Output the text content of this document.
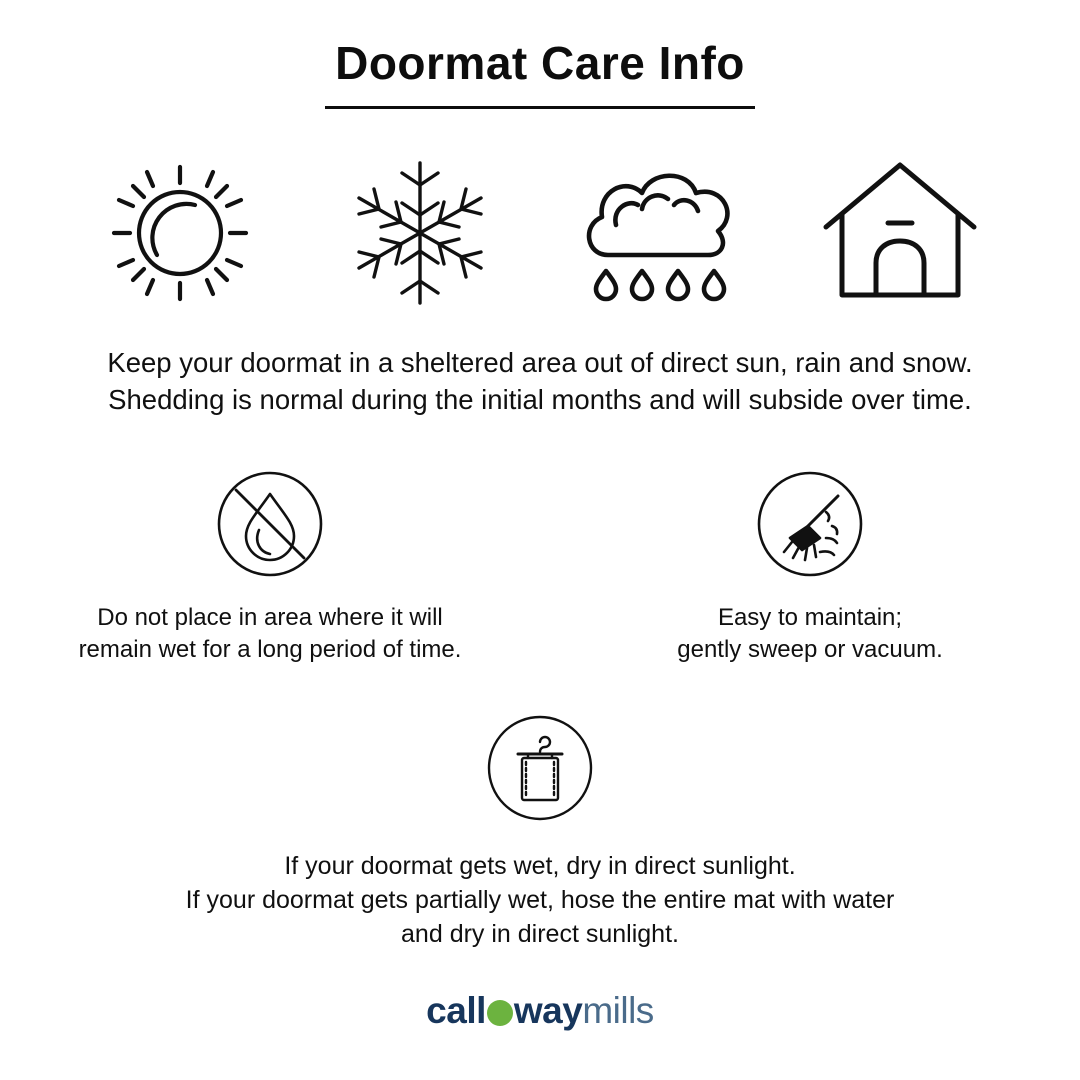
Doormat Care Info
Keep your doormat in a sheltered area out of direct sun, rain and snow.
Shedding is normal during the initial months and will subside over time.
Do not place in area where it will
remain wet for a long period of time.
Easy to maintain;
gently sweep or vacuum.
If your doormat gets wet, dry in direct sunlight.
If your doormat gets partially wet, hose the entire mat with water
and dry in direct sunlight.
call waymills
